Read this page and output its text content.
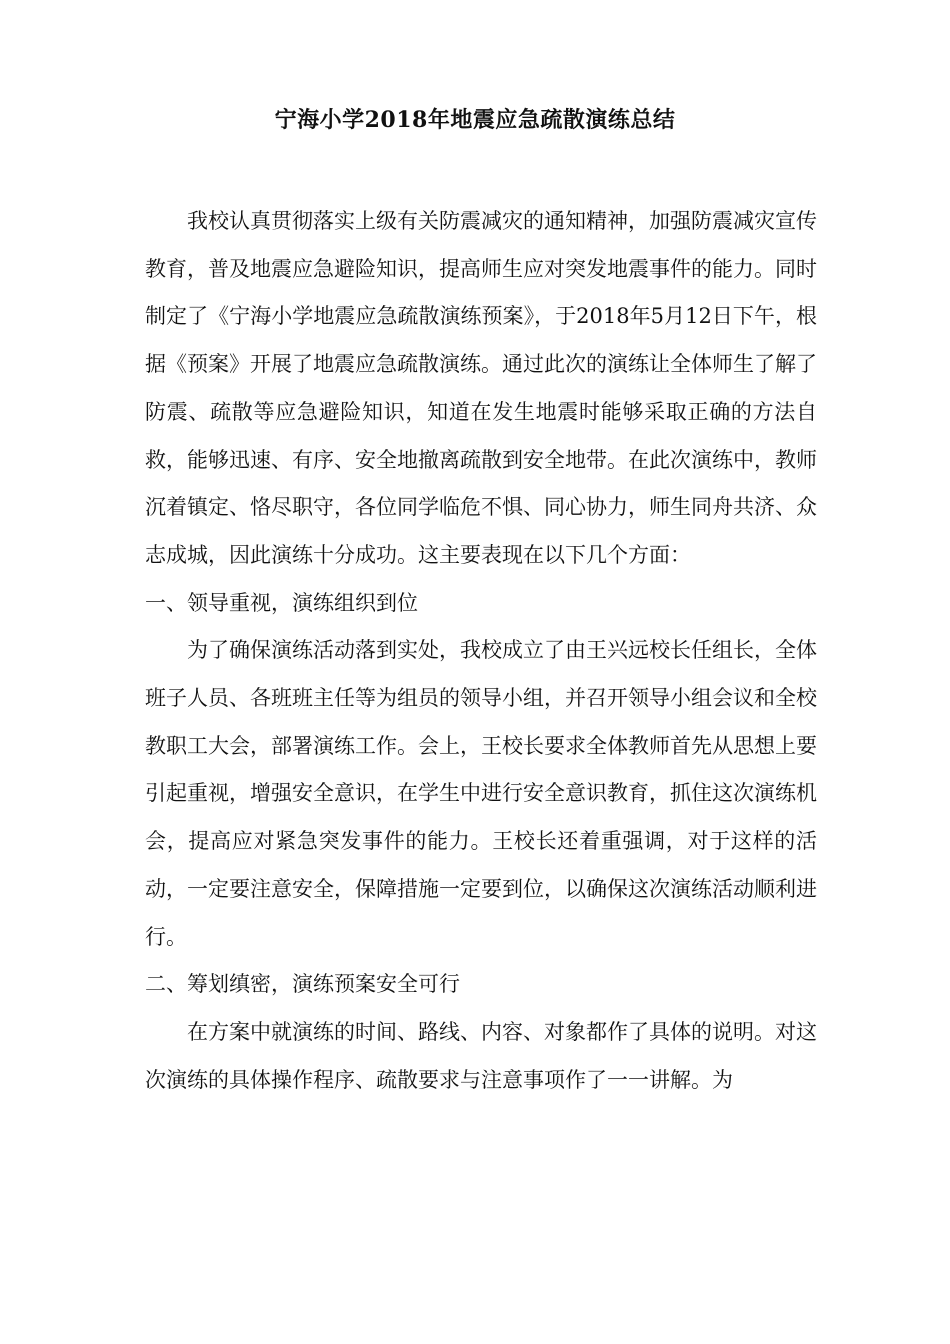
宁海小学2018年地震应急疏散演练总结

我校认真贯彻落实上级有关防震减灾的通知精神，加强防震减灾宣传教育，普及地震应急避险知识，提高师生应对突发地震事件的能力。同时制定了《宁海小学地震应急疏散演练预案》，于2018年5月12日下午，根据《预案》开展了地震应急疏散演练。通过此次的演练让全体师生了解了防震、疏散等应急避险知识，知道在发生地震时能够采取正确的方法自救，能够迅速、有序、安全地撤离疏散到安全地带。在此次演练中，教师沉着镇定、恪尽职守，各位同学临危不惧、同心协力，师生同舟共济、众志成城，因此演练十分成功。这主要表现在以下几个方面：

一、领导重视，演练组织到位

为了确保演练活动落到实处，我校成立了由王兴远校长任组长，全体班子人员、各班班主任等为组员的领导小组，并召开领导小组会议和全校教职工大会，部署演练工作。会上，王校长要求全体教师首先从思想上要引起重视，增强安全意识，在学生中进行安全意识教育，抓住这次演练机会，提高应对紧急突发事件的能力。王校长还着重强调，对于这样的活动，一定要注意安全，保障措施一定要到位，以确保这次演练活动顺利进行。

二、筹划缜密，演练预案安全可行

在方案中就演练的时间、路线、内容、对象都作了具体的说明。对这次演练的具体操作程序、疏散要求与注意事项作了一一讲解。为
